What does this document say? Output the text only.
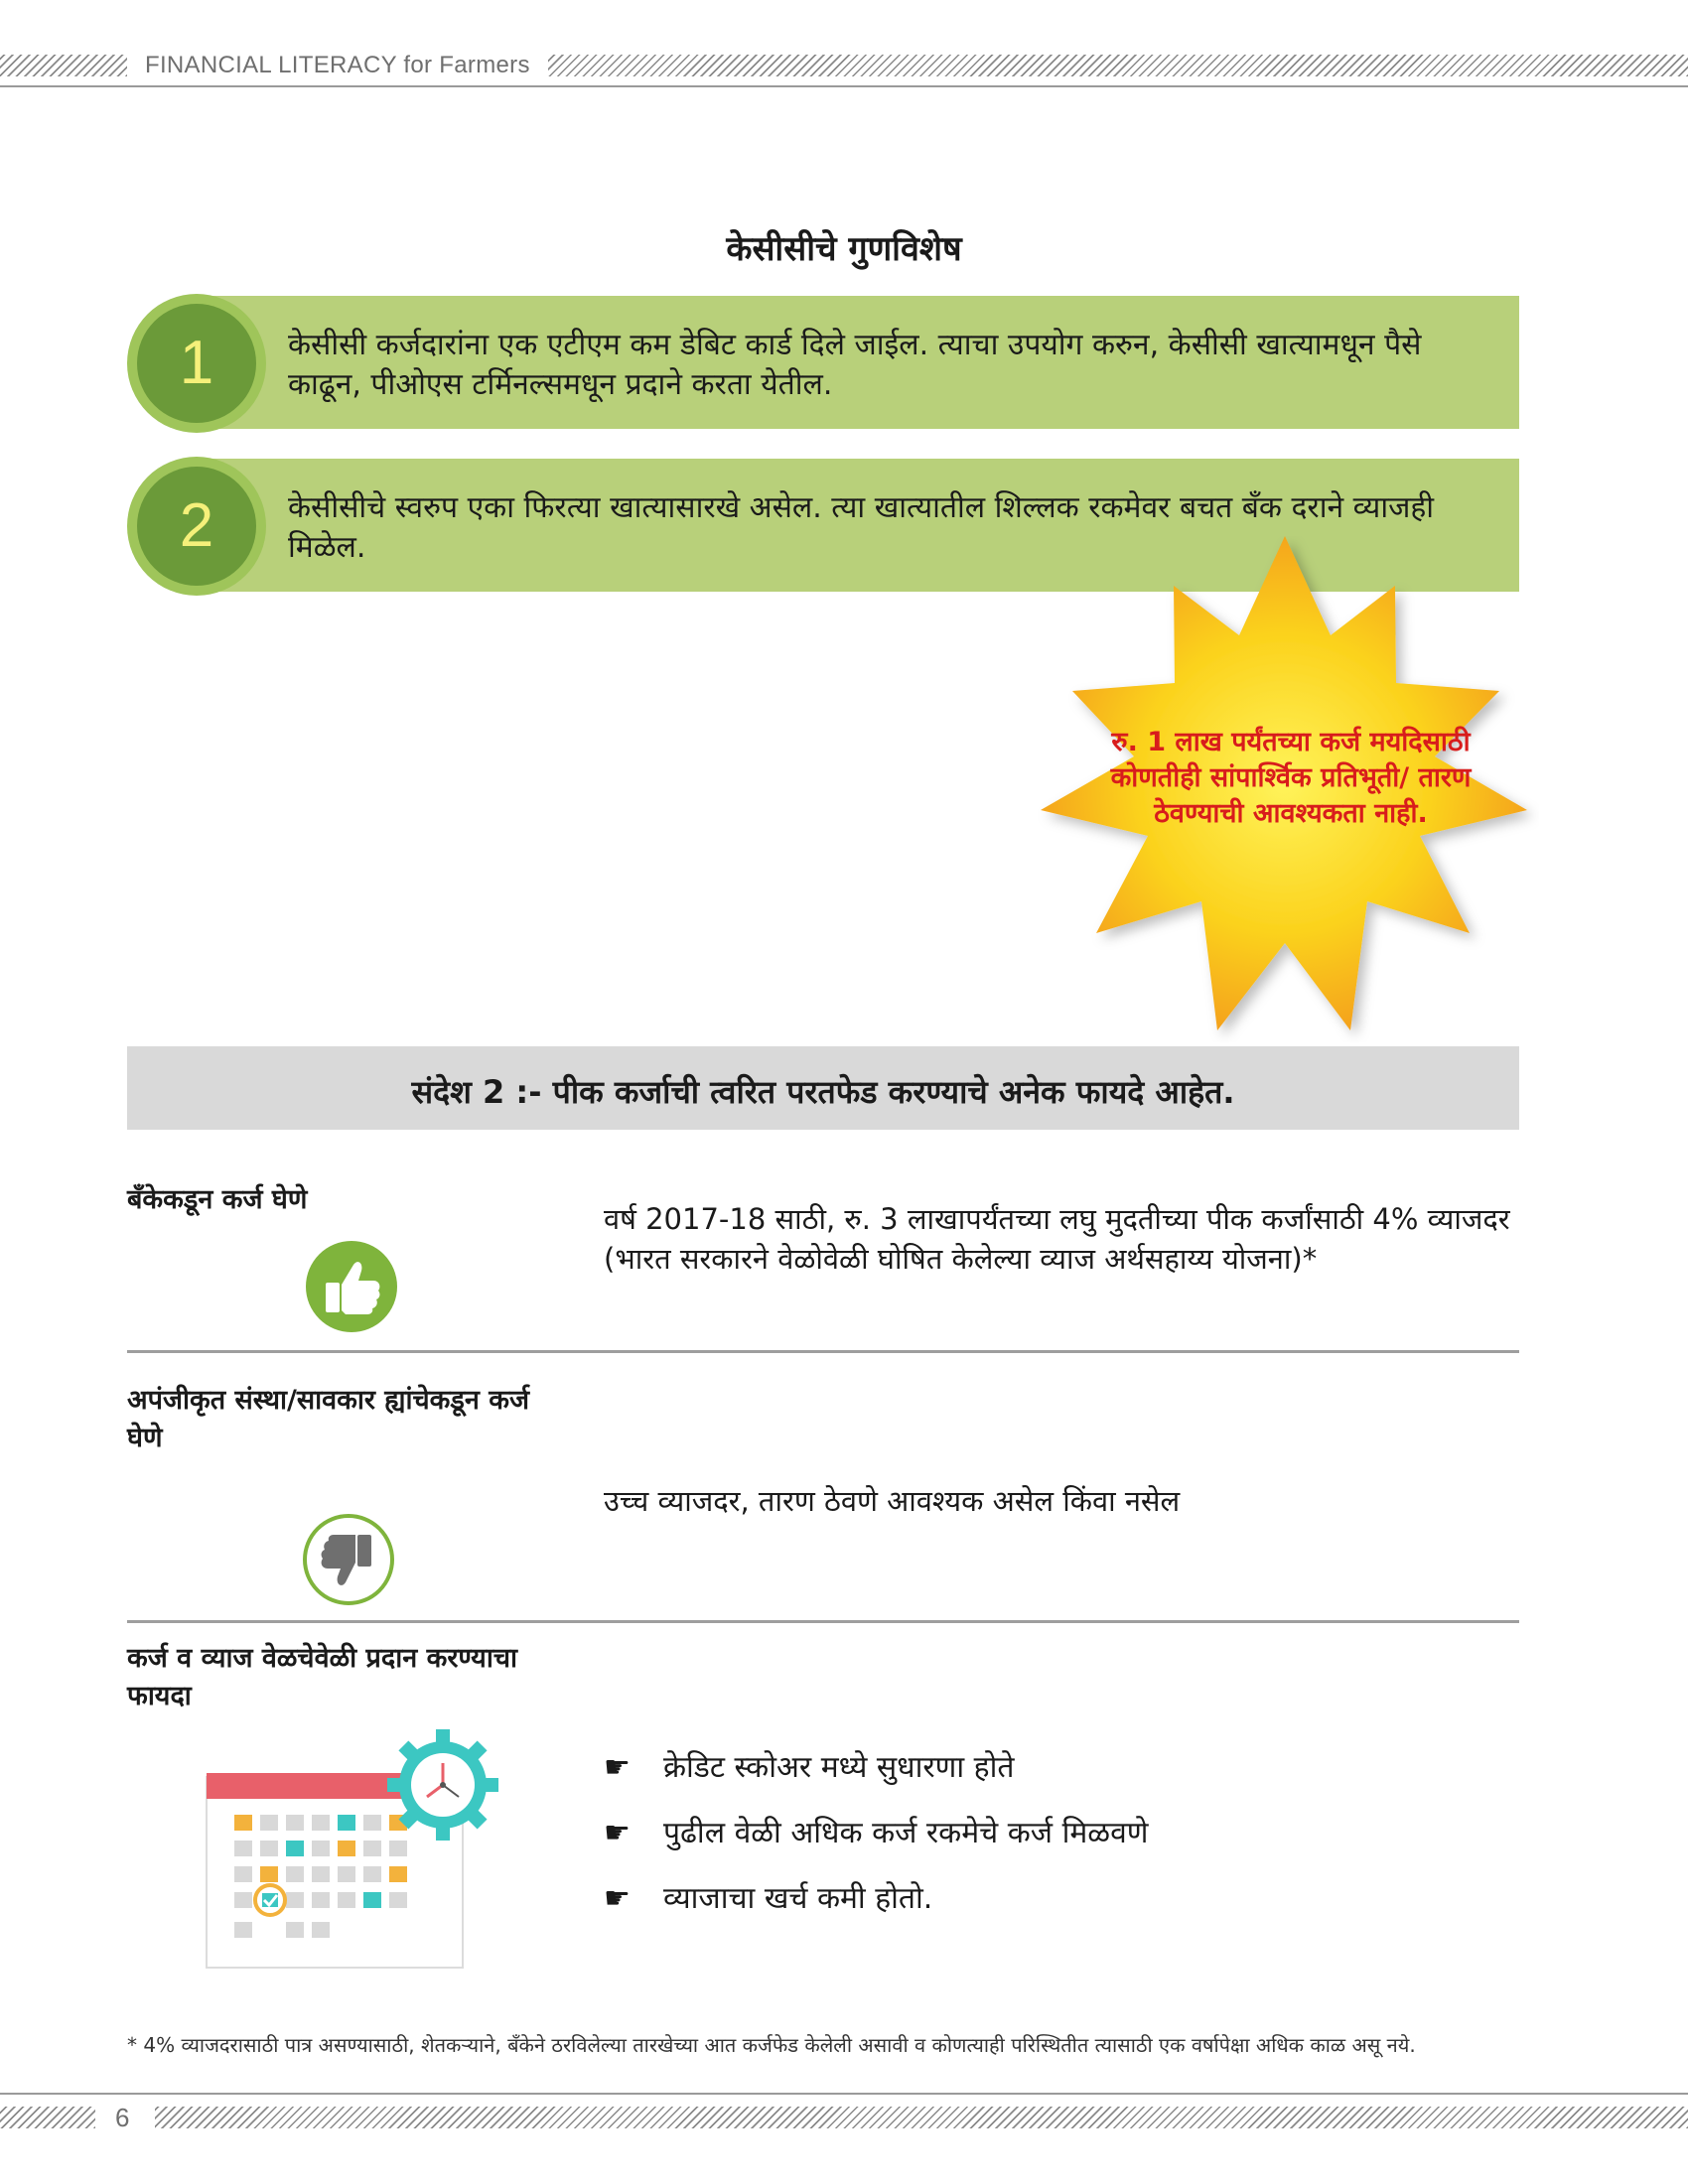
FINANCIAL LITERACY for Farmers
केसीसीचे गुणविशेष
1	केसीसी कर्जदारांना एक एटीएम कम डेबिट कार्ड दिले जाईल. त्याचा उपयोग करुन, केसीसी खात्यामधून पैसे काढून, पीओएस टर्मिनल्समधून प्रदाने करता येतील.
2	केसीसीचे स्वरुप एका फिरत्या खात्यासारखे असेल. त्या खात्यातील शिल्लक रकमेवर बचत बँक दराने व्याजही मिळेल.
रु. 1 लाख पर्यंतच्या कर्ज मयदिसाठी कोणतीही सांपार्श्विक प्रतिभूती/ तारण ठेवण्याची आवश्यकता नाही.
संदेश 2 :- पीक कर्जाची त्वरित परतफेड करण्याचे अनेक फायदे आहेत.
बँकेकडून कर्ज घेणे
वर्ष 2017-18 साठी, रु. 3 लाखापर्यंतच्या लघु मुदतीच्या पीक कर्जांसाठी 4% व्याजदर (भारत सरकारने वेळोवेळी घोषित केलेल्या व्याज अर्थसहाय्य योजना)*
अपंजीकृत संस्था/सावकार ह्यांचेकडून कर्ज घेणे
उच्च व्याजदर, तारण ठेवणे आवश्यक असेल किंवा नसेल
कर्ज व व्याज वेळचेवेळी प्रदान करण्याचा फायदा
☛ क्रेडिट स्कोअर मध्ये सुधारणा होते
☛ पुढील वेळी अधिक कर्ज रकमेचे कर्ज मिळवणे
☛ व्याजाचा खर्च कमी होतो.
* 4% व्याजदरासाठी पात्र असण्यासाठी, शेतकऱ्याने, बँकेने ठरविलेल्या तारखेच्या आत कर्जफेड केलेली असावी व कोणत्याही परिस्थितीत त्यासाठी एक वर्षापेक्षा अधिक काळ असू नये.
6
